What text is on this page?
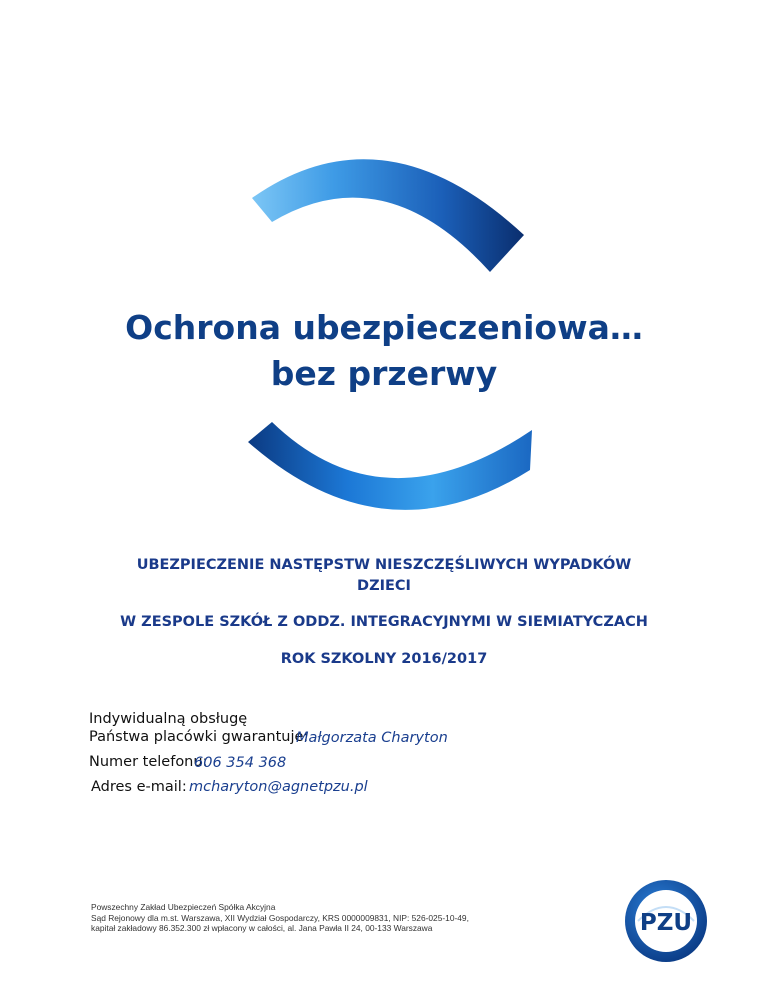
Ochrona ubezpieczeniowa…
bez przerwy
UBEZPIECZENIE NASTĘPSTW NIESZCZĘŚLIWYCH WYPADKÓW
DZIECI
W ZESPOLE SZKÓŁ Z ODDZ. INTEGRACYJNYMI W SIEMIATYCZACH
ROK SZKOLNY 2016/2017
Indywidualną obsługę
Państwa placówki gwarantuje:
Małgorzata Charyton
Numer telefonu:
606 354 368
Adres e-mail: mcharyton@agnetpzu.pl
Powszechny Zakład Ubezpieczeń Spółka Akcyjna
Sąd Rejonowy dla m.st. Warszawa, XII Wydział Gospodarczy, KRS 0000009831, NIP: 526-025-10-49,
kapitał zakładowy 86.352.300 zł wpłacony w całości, al. Jana Pawła II 24, 00-133 Warszawa	PZU
